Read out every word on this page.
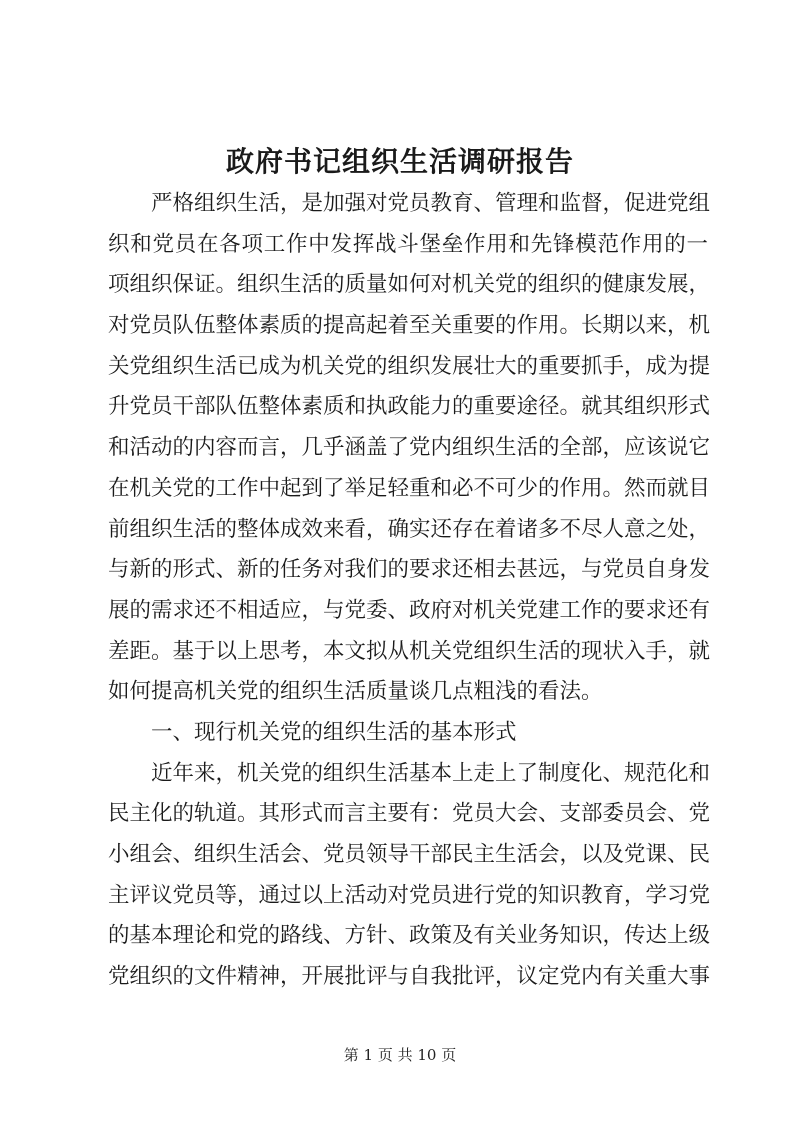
政府书记组织生活调研报告
严格组织生活，是加强对党员教育、管理和监督，促进党组
织和党员在各项工作中发挥战斗堡垒作用和先锋模范作用的一
项组织保证。组织生活的质量如何对机关党的组织的健康发展，
对党员队伍整体素质的提高起着至关重要的作用。长期以来，机
关党组织生活已成为机关党的组织发展壮大的重要抓手，成为提
升党员干部队伍整体素质和执政能力的重要途径。就其组织形式
和活动的内容而言，几乎涵盖了党内组织生活的全部，应该说它
在机关党的工作中起到了举足轻重和必不可少的作用。然而就目
前组织生活的整体成效来看，确实还存在着诸多不尽人意之处，
与新的形式、新的任务对我们的要求还相去甚远，与党员自身发
展的需求还不相适应，与党委、政府对机关党建工作的要求还有
差距。基于以上思考，本文拟从机关党组织生活的现状入手，就
如何提高机关党的组织生活质量谈几点粗浅的看法。
一、现行机关党的组织生活的基本形式
近年来，机关党的组织生活基本上走上了制度化、规范化和
民主化的轨道。其形式而言主要有：党员大会、支部委员会、党
小组会、组织生活会、党员领导干部民主生活会，以及党课、民
主评议党员等，通过以上活动对党员进行党的知识教育，学习党
的基本理论和党的路线、方针、政策及有关业务知识，传达上级
党组织的文件精神，开展批评与自我批评，议定党内有关重大事
第 1 页 共 10 页
